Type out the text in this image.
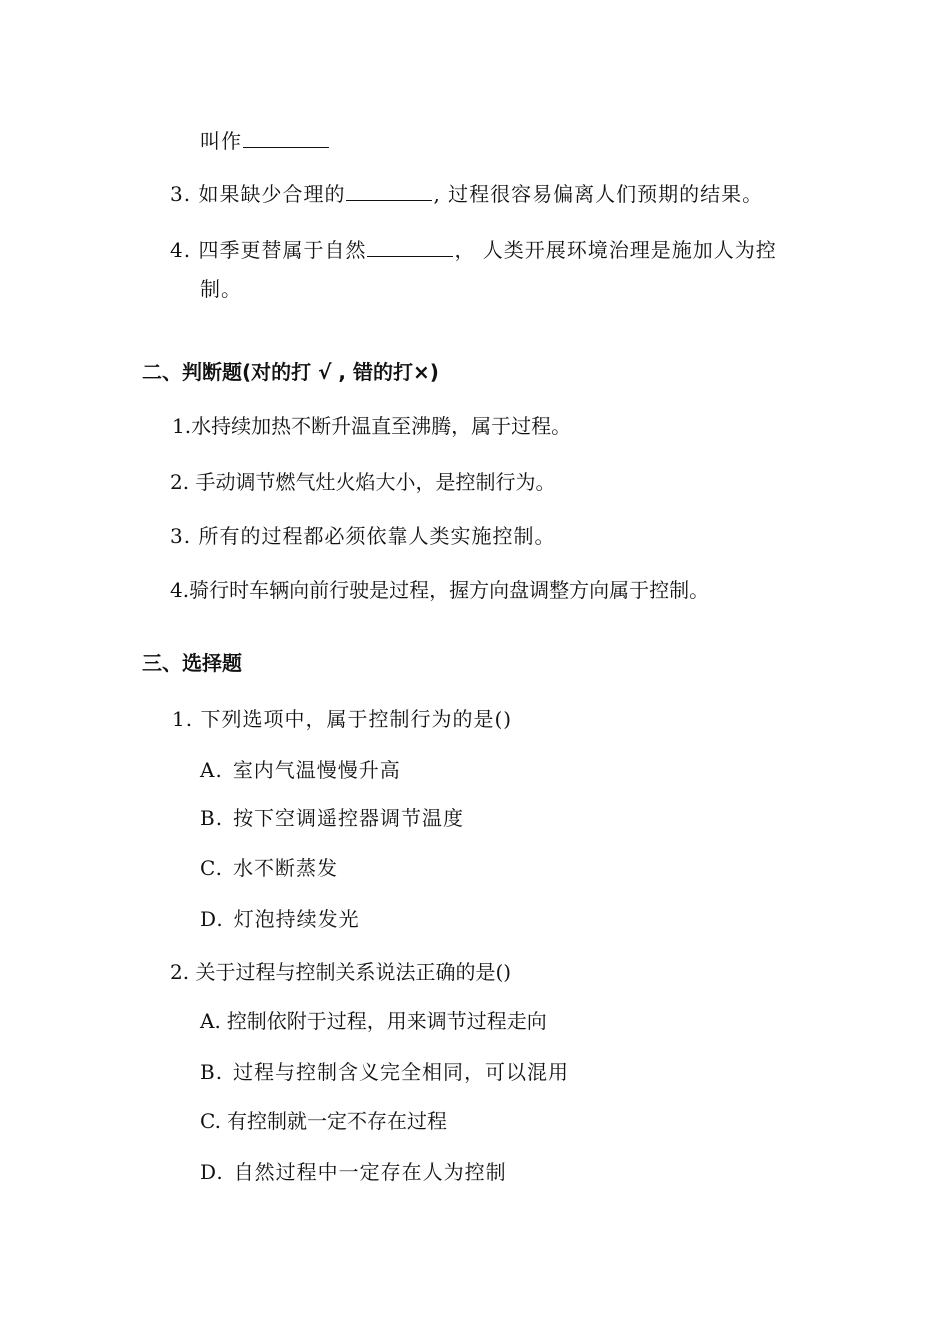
叫作
3. 如果缺少合理的	, 过程很容易偏离人们预期的结果。
4. 四季更替属于自然	， 人类开展环境治理是施加人为控
制。
二、判断题(对的打 √ , 错的打×)
1.水持续加热不断升温直至沸腾，属于过程。
2. 手动调节燃气灶火焰大小，是控制行为。
3. 所有的过程都必须依靠人类实施控制。
4.骑行时车辆向前行驶是过程，握方向盘调整方向属于控制。
三、选择题
1. 下列选项中，属于控制行为的是()
A. 室内气温慢慢升高
B. 按下空调遥控器调节温度
C. 水不断蒸发
D. 灯泡持续发光
2. 关于过程与控制关系说法正确的是()
A. 控制依附于过程，用来调节过程走向
B. 过程与控制含义完全相同，可以混用
C. 有控制就一定不存在过程
D. 自然过程中一定存在人为控制
